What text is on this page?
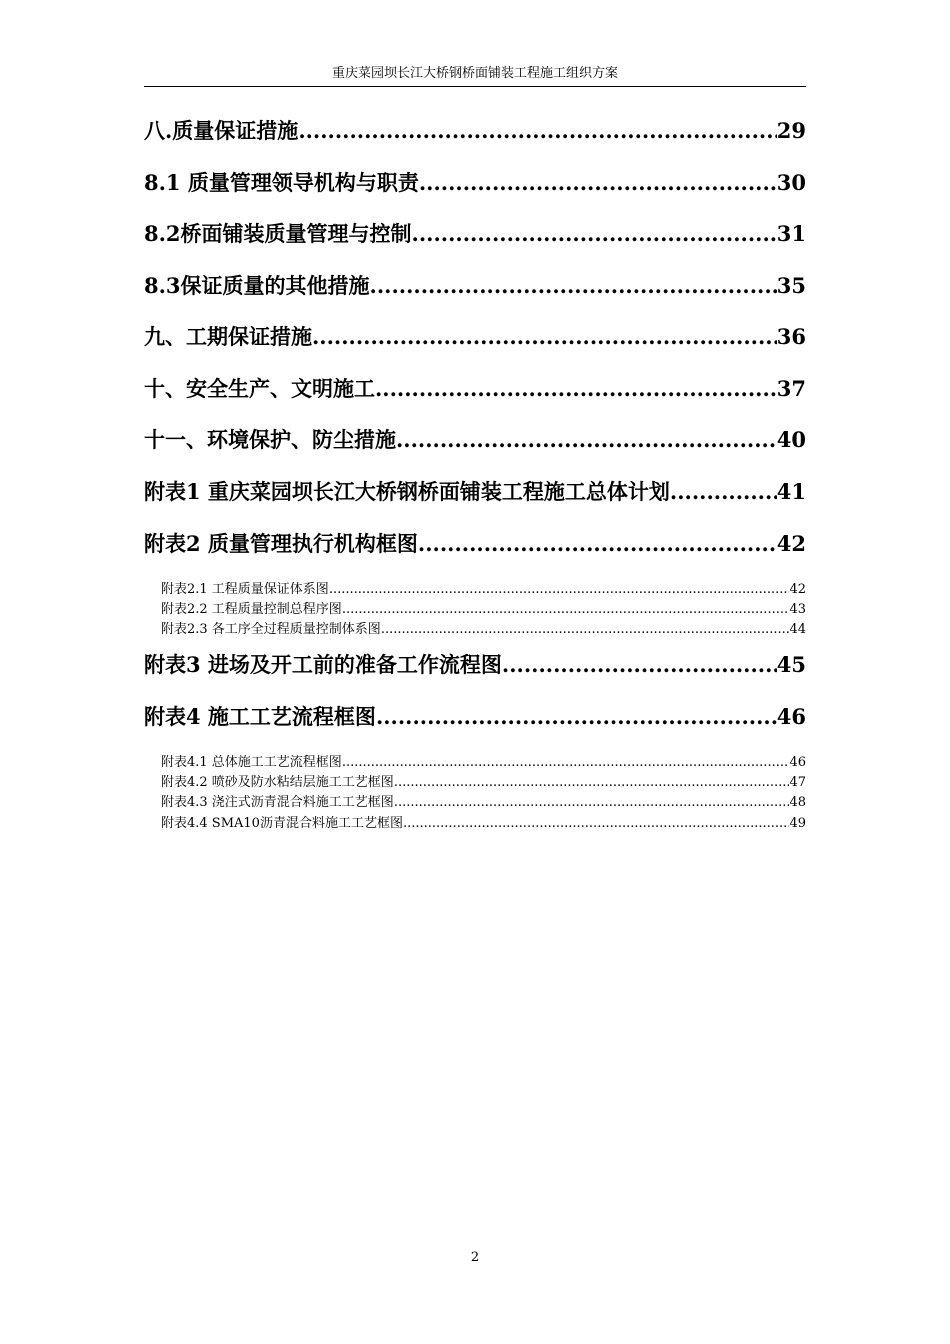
重庆菜园坝长江大桥钢桥面铺装工程施工组织方案
八.质量保证措施 .....	29
8.1 质量管理领导机构与职责 .....	30
8.2桥面铺装质量管理与控制 .....	31
8.3保证质量的其他措施 .....	35
九、工期保证措施 .....	36
十、安全生产、文明施工 .....	37
十一、环境保护、防尘措施 .....	40
附表1 重庆菜园坝长江大桥钢桥面铺装工程施工总体计划 .....	41
附表2 质量管理执行机构框图 .....	42
附表2.1 工程质量保证体系图 .....	42
附表2.2 工程质量控制总程序图 .....	43
附表2.3 各工序全过程质量控制体系图 .....	44
附表3 进场及开工前的准备工作流程图 .....	45
附表4 施工工艺流程框图 .....	46
附表4.1 总体施工工艺流程框图 .....	46
附表4.2 喷砂及防水粘结层施工工艺框图 .....	47
附表4.3 浇注式沥青混合料施工工艺框图 .....	48
附表4.4 SMA10沥青混合料施工工艺框图 .....	49
2
